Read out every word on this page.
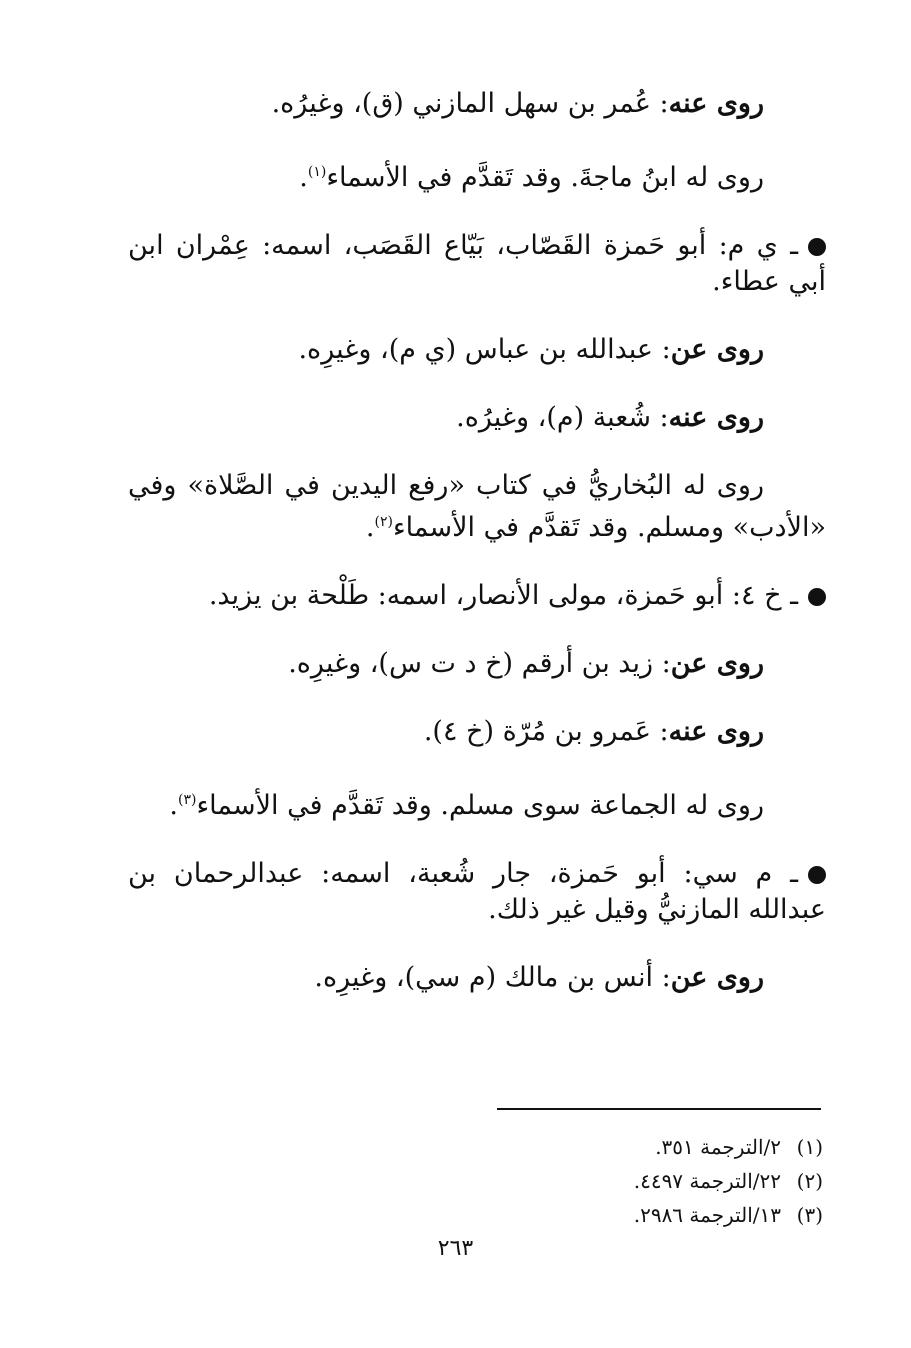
روى عنه: عُمر بن سهل المازني (ق)، وغيرُه.

روى له ابنُ ماجةَ. وقد تَقدَّم في الأسماء$^{(١)}$.

ـ ي م: أبو حَمزة القَصّاب، بَيّاع القَصَب، اسمه: عِمْران ابن أبي عطاء.

روى عن: عبدالله بن عباس (ي م)، وغيرِه.

روى عنه: شُعبة (م)، وغيرُه.

روى له البُخاريُّ في كتاب «رفع اليدين في الصَّلاة» وفي «الأدب» ومسلم. وقد تَقدَّم في الأسماء$^{(٢)}$.

ـ خ ٤: أبو حَمزة، مولى الأنصار، اسمه: طَلْحة بن يزيد.

روى عن: زيد بن أرقم (خ د ت س)، وغيرِه.

روى عنه: عَمرو بن مُرّة (خ ٤).

روى له الجماعة سوى مسلم. وقد تَقدَّم في الأسماء$^{(٣)}$.

ـ م سي: أبو حَمزة، جار شُعبة، اسمه: عبدالرحمان بن عبدالله المازنيُّ وقيل غير ذلك.

روى عن: أنس بن مالك (م سي)، وغيرِه.

(١)٢/الترجمة ٣٥١.
(٢)٢٢/الترجمة ٤٤٩٧.
(٣)١٣/الترجمة ٢٩٨٦.
٢٦٣
